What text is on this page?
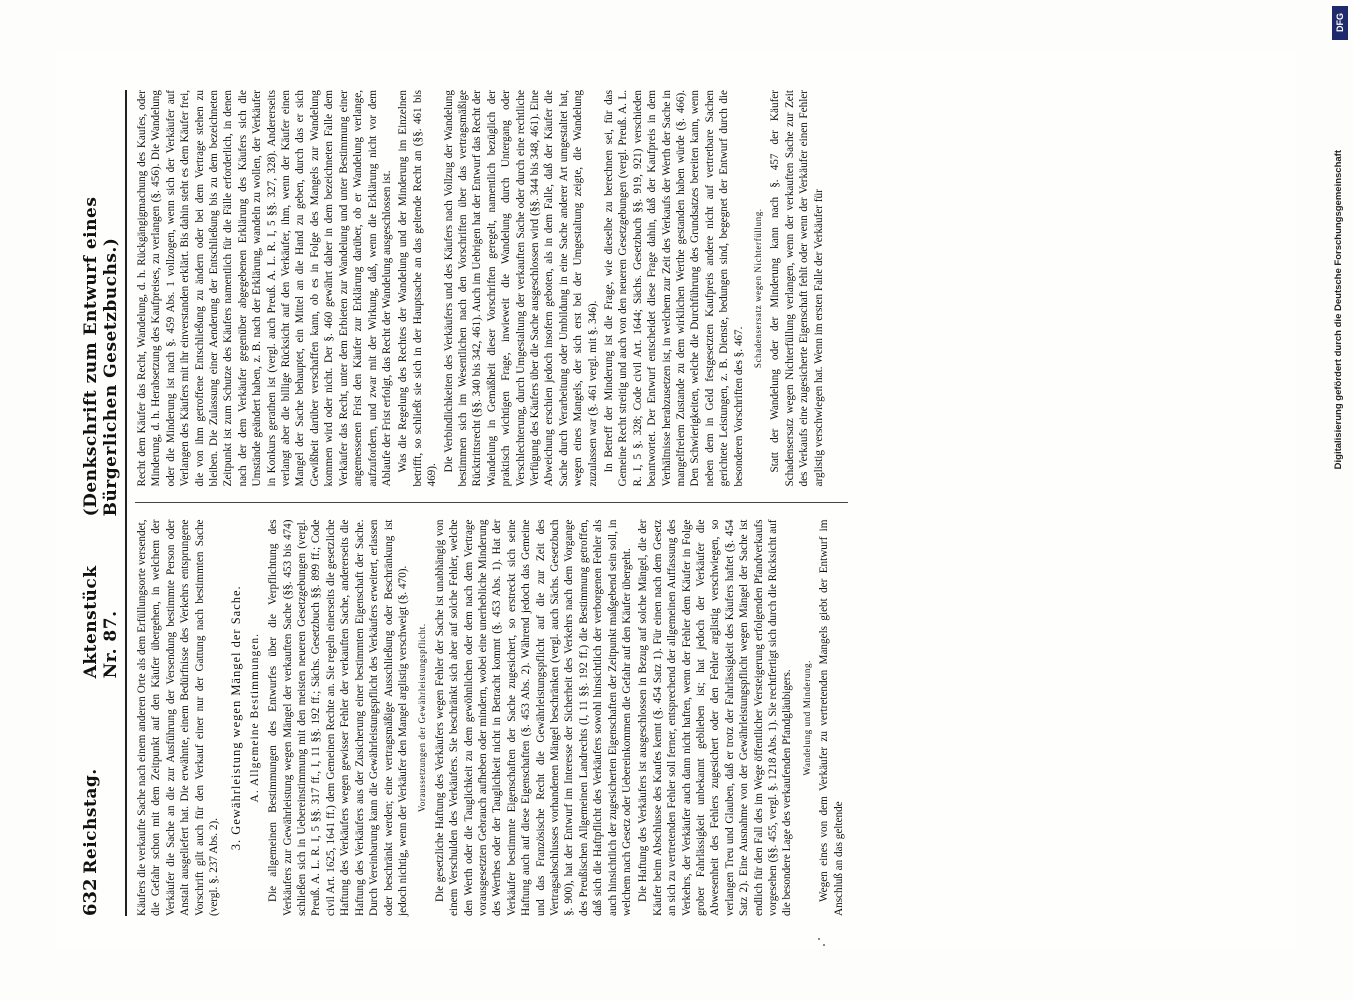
632
Reichstag.
Aktenstück Nr. 87.
(Denkschrift zum Entwurf eines Bürgerlichen Gesetzbuchs.)

Käufers die verkaufte Sache nach einem anderen Orte als dem Erfüllungsorte versendet, die Gefahr schon mit dem Zeitpunkt auf den Käufer übergehen, in welchem der Verkäufer die Sache an die zur Ausführung der Versendung bestimmte Person oder Anstalt ausgeliefert hat. Die erwähnte, einem Bedürfnisse des Verkehrs entsprungene Vorschrift gilt auch für den Verkauf einer nur der Gattung nach bestimmten Sache (vergl. §. 237 Abs. 2).

3. Gewährleistung wegen Mängel der Sache. A. Allgemeine Bestimmungen. Die allgemeinen Bestimmungen des Entwurfes über die Verpflichtung des Verkäufers zur Gewährleistung wegen Mängel der verkauften Sache (§§. 453 bis 474) schließen sich in Uebereinstimmung mit den meisten neueren Gesetzgebungen (vergl. Preuß. A. L. R. I, 5 §§. 317 ff., I, 11 §§. 192 ff.; Sächs. Gesetzbuch §§. 899 ff.; Code civil Art. 1625, 1641 ff.) dem Gemeinen Rechte an. Sie regeln einerseits die gesetzliche Haftung des Verkäufers wegen gewisser Fehler der verkauften Sache, andererseits die Haftung des Verkäufers aus der Zusicherung einer bestimmten Eigenschaft der Sache. Durch Vereinbarung kann die Gewährleistungspflicht des Verkäufers erweitert, erlassen oder beschränkt werden; eine vertragsmäßige Ausschließung oder Beschränkung ist jedoch nichtig, wenn der Verkäufer den Mangel arglistig verschweigt (§. 470). Voraussetzungen der Gewährleistungspflicht. Die gesetzliche Haftung des Verkäufers wegen Fehler der Sache ist unabhängig von einem Verschulden des Verkäufers. Sie beschränkt sich aber auf solche Fehler, welche den Werth oder die Tauglichkeit zu dem gewöhnlichen oder dem nach dem Vertrage vorausgesetzten Gebrauch aufheben oder mindern, wobei eine unerhebliche Minderung des Werthes oder der Tauglichkeit nicht in Betracht kommt (§. 453 Abs. 1). Hat der Verkäufer bestimmte Eigenschaften der Sache zugesichert, so erstreckt sich seine Haftung auch auf diese Eigenschaften (§. 453 Abs. 2). Während jedoch das Gemeine und das Französische Recht die Gewährleistungspflicht auf die zur Zeit des Vertragsabschlusses vorhandenen Mängel beschränken (vergl. auch Sächs. Gesetzbuch §. 900), hat der Entwurf im Interesse der Sicherheit des Verkehrs nach dem Vorgange des Preußischen Allgemeinen Landrechts (I, 11 §§. 192 ff.) die Bestimmung getroffen, daß sich die Haftpflicht des Verkäufers sowohl hinsichtlich der verborgenen Fehler als auch hinsichtlich der zugesicherten Eigenschaften der Zeitpunkt maßgebend sein soll, in welchem nach Gesetz oder Uebereinkommen die Gefahr auf den Käufer übergeht. Die Haftung des Verkäufers ist ausgeschlossen in Bezug auf solche Mängel, die der Käufer beim Abschlusse des Kaufes kennt (§. 454 Satz 1). Für einen nach dem Gesetz an sich zu vertretenden Fehler soll ferner, entsprechend der allgemeinen Auffassung des Verkehrs, der Verkäufer auch dann nicht haften, wenn der Fehler dem Käufer in Folge grober Fahrlässigkeit unbekannt geblieben ist; hat jedoch der Verkäufer die Abwesenheit des Fehlers zugesichert oder den Fehler arglistig verschwiegen, so verlangen Treu und Glauben, daß er trotz der Fahrlässigkeit des Käufers haftet (§. 454 Satz 2). Eine Ausnahme von der Gewährleistungspflicht wegen Mängel der Sache ist endlich für den Fall des im Wege öffentlicher Versteigerung erfolgenden Pfandverkaufs vorgesehen (§§. 455, vergl. §. 1218 Abs. 1). Sie rechtfertigt sich durch die Rücksicht auf die besondere Lage des verkaufenden Pfandgläubigers. Wandelung und Minderung. Wegen eines von dem Verkäufer zu vertretenden Mangels giebt der Entwurf im Anschluß an das geltende

Recht dem Käufer das Recht, Wandelung, d. h. Rückgängigmachung des Kaufes, oder Minderung, d. h. Herabsetzung des Kaufpreises, zu verlangen (§. 456). Die Wandelung oder die Minderung ist nach §. 459 Abs. 1 vollzogen, wenn sich der Verkäufer auf Verlangen des Käufers mit ihr einverstanden erklärt. Bis dahin steht es dem Käufer frei, die von ihm getroffene Entschließung zu ändern oder bei dem Vertrage stehen zu bleiben. Die Zulassung einer Aenderung der Entschließung bis zu dem bezeichneten Zeitpunkt ist zum Schutze des Käufers namentlich für die Fälle erforderlich, in denen nach der dem Verkäufer gegenüber abgegebenen Erklärung des Käufers sich die Umstände geändert haben, z. B. nach der Erklärung, wandeln zu wollen, der Verkäufer in Konkurs gerathen ist (vergl. auch Preuß. A. L. R. I, 5 §§. 327, 328). Andererseits verlangt aber die billige Rücksicht auf den Verkäufer, ihm, wenn der Käufer einen Mangel der Sache behauptet, ein Mittel an die Hand zu geben, durch das er sich Gewißheit darüber verschaffen kann, ob es in Folge des Mangels zur Wandelung kommen wird oder nicht. Der §. 460 gewährt daher in dem bezeichneten Falle dem Verkäufer das Recht, unter dem Erbieten zur Wandelung und unter Bestimmung einer angemessenen Frist den Käufer zur Erklärung darüber, ob er Wandelung verlange, aufzufordern, und zwar mit der Wirkung, daß, wenn die Erklärung nicht vor dem Ablaufe der Frist erfolgt, das Recht der Wandelung ausgeschlossen ist. Was die Regelung des Rechtes der Wandelung und der Minderung im Einzelnen betrifft, so schließt sie sich in der Hauptsache an das geltende Recht an (§§. 461 bis 469).

Die Verbindlichkeiten des Verkäufers und des Käufers nach Vollzug der Wandelung bestimmen sich im Wesentlichen nach den Vorschriften über das vertragsmäßige Rücktrittsrecht (§§. 340 bis 342, 461). Auch im Uebrigen hat der Entwurf das Recht der Wandelung in Gemäßheit dieser Vorschriften geregelt, namentlich bezüglich der praktisch wichtigen Frage, inwieweit die Wandelung durch Untergang oder Verschlechterung, durch Umgestaltung der verkauften Sache oder durch eine rechtliche Verfügung des Käufers über die Sache ausgeschlossen wird (§§. 344 bis 348, 461). Eine Abweichung erschien jedoch insofern geboten, als in dem Falle, daß der Käufer die Sache durch Verarbeitung oder Umbildung in eine Sache anderer Art umgestaltet hat, wegen eines Mangels, der sich erst bei der Umgestaltung zeigte, die Wandelung zuzulassen war (§. 461 vergl. mit §. 346). In Betreff der Minderung ist die Frage, wie dieselbe zu berechnen sei, für das Gemeine Recht streitig und auch von den neueren Gesetzgebungen (vergl. Preuß. A. L. R. I, 5 §. 328; Code civil Art. 1644; Sächs. Gesetzbuch §§. 919, 921) verschieden beantwortet. Der Entwurf entscheidet diese Frage dahin, daß der Kaufpreis in dem Verhältnisse herabzusetzen ist, in welchem zur Zeit des Verkaufs der Werth der Sache in mangelfreiem Zustande zu dem wirklichen Werthe gestanden haben würde (§. 466). Den Schwierigkeiten, welche die Durchführung des Grundsatzes bereiten kann, wenn neben dem in Geld festgesetzten Kaufpreis andere nicht auf vertretbare Sachen gerichtete Leistungen, z. B. Dienste, bedungen sind, begegnet der Entwurf durch die besonderen Vorschriften des §. 467.

Schadensersatz wegen Nichterfüllung. Statt der Wandelung oder der Minderung kann nach §. 457 der Käufer Schadensersatz wegen Nichterfüllung verlangen, wenn der verkauften Sache zur Zeit des Verkaufs eine zugesicherte Eigenschaft fehlt oder wenn der Verkäufer einen Fehler arglistig verschwiegen hat. Wenn im ersten Falle der Verkäufer für

DFG
Digitalisierung gefördert durch die Deutsche Forschungsgemeinschaft
